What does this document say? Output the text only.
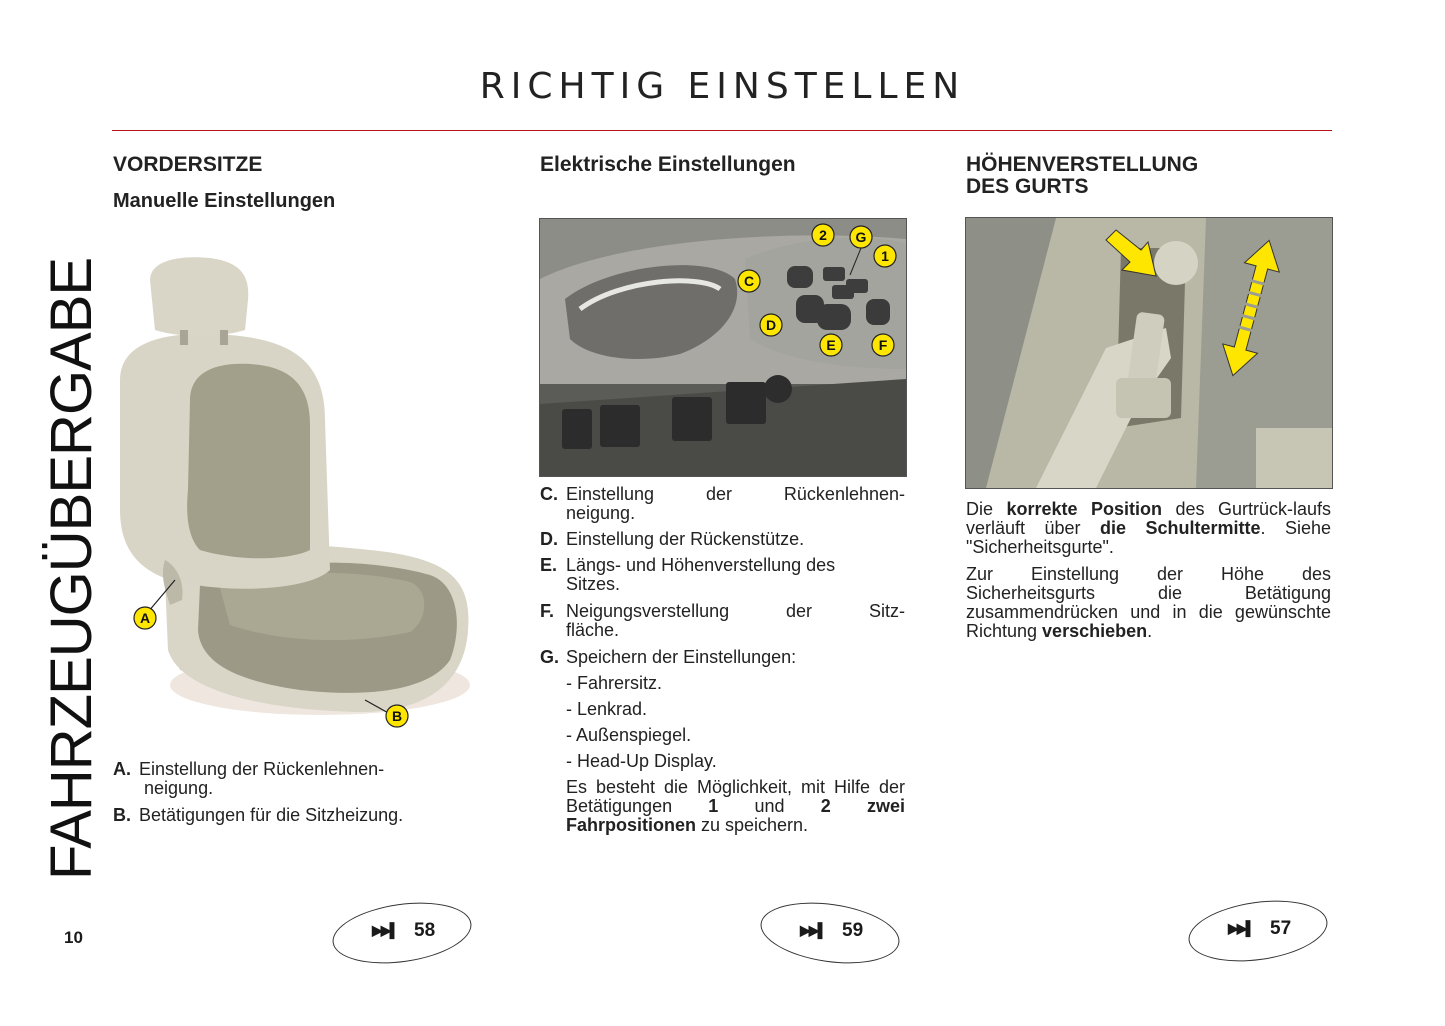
RICHTIG EINSTELLEN
FAHRZEUGÜBERGABE
VORDERSITZE
Manuelle Einstellungen
A
B
A. Einstellung der Rückenlehnen-
neigung.
B. Betätigungen für die Sitzheizung.
Elektrische Einstellungen
2 G
1
C
D
E	F
C. Einstellung der Rückenlehnen-
neigung.
D. Einstellung der Rückenstütze.
E. Längs- und Höhenverstellung des
Sitzes.
F. Neigungsverstellung der Sitz-
fläche.
G. Speichern der Einstellungen:
- Fahrersitz.
- Lenkrad.
- Außenspiegel.
- Head-Up Display.
Es besteht die Möglichkeit, mit Hilfe der Betätigungen 1 und 2 zwei Fahrpositionen zu speichern.
HÖHENVERSTELLUNG
DES GURTS
Die korrekte Position des Gurtrück-laufs verläuft über die Schultermitte. Siehe "Sicherheitsgurte".
Zur Einstellung der Höhe des Sicherheitsgurts die Betätigung zusammendrücken und in die gewünschte Richtung verschieben.
10	▶▶▌ 58	▶▶▌ 59	▶▶▌ 57
